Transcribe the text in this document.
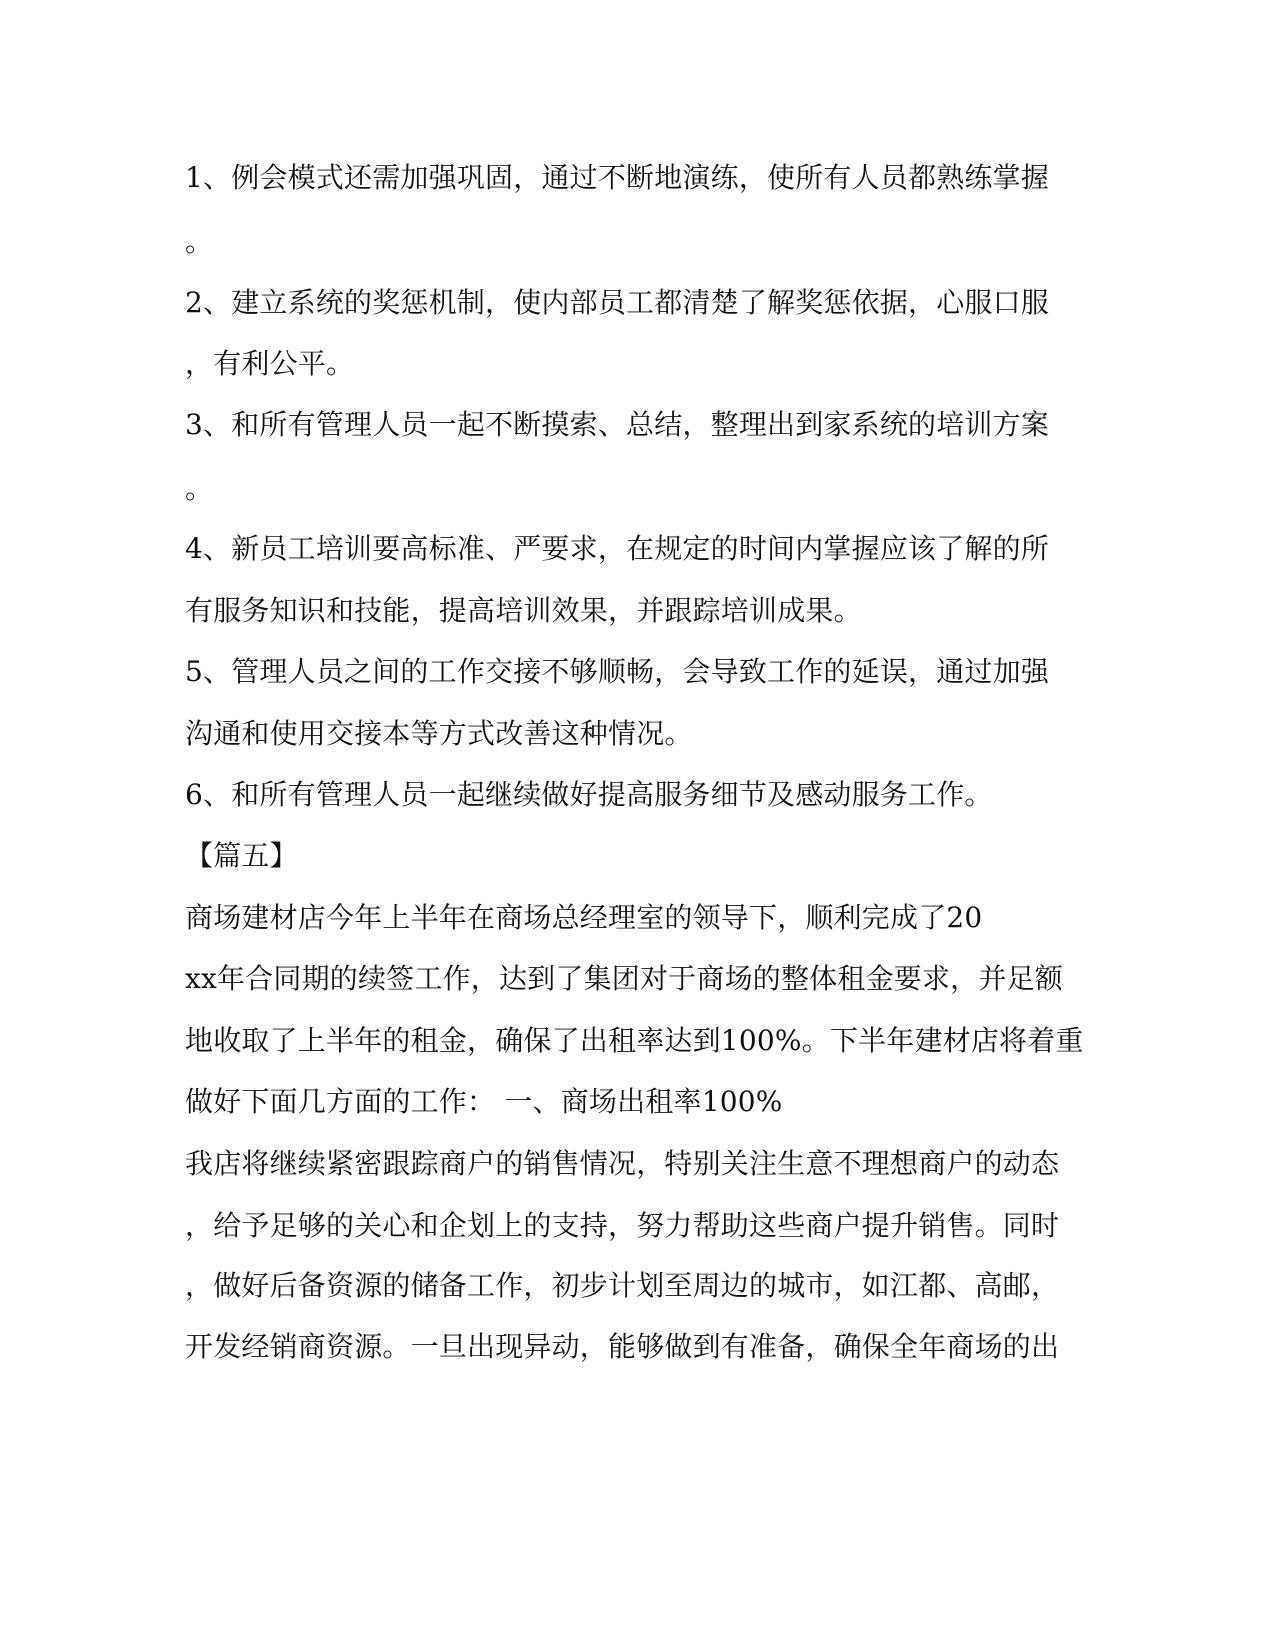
1、例会模式还需加强巩固，通过不断地演练，使所有人员都熟练掌握

。

2、建立系统的奖惩机制，使内部员工都清楚了解奖惩依据，心服口服

，有利公平。

3、和所有管理人员一起不断摸索、总结，整理出到家系统的培训方案

。

4、新员工培训要高标准、严要求，在规定的时间内掌握应该了解的所

有服务知识和技能，提高培训效果，并跟踪培训成果。

5、管理人员之间的工作交接不够顺畅，会导致工作的延误，通过加强

沟通和使用交接本等方式改善这种情况。

6、和所有管理人员一起继续做好提高服务细节及感动服务工作。

【篇五】

商场建材店今年上半年在商场总经理室的领导下，顺利完成了20

xx年合同期的续签工作，达到了集团对于商场的整体租金要求，并足额

地收取了上半年的租金，确保了出租率达到100%。下半年建材店将着重

做好下面几方面的工作： 一、商场出租率100%

我店将继续紧密跟踪商户的销售情况，特别关注生意不理想商户的动态

，给予足够的关心和企划上的支持，努力帮助这些商户提升销售。同时

，做好后备资源的储备工作，初步计划至周边的城市，如江都、高邮，

开发经销商资源。一旦出现异动，能够做到有准备，确保全年商场的出
